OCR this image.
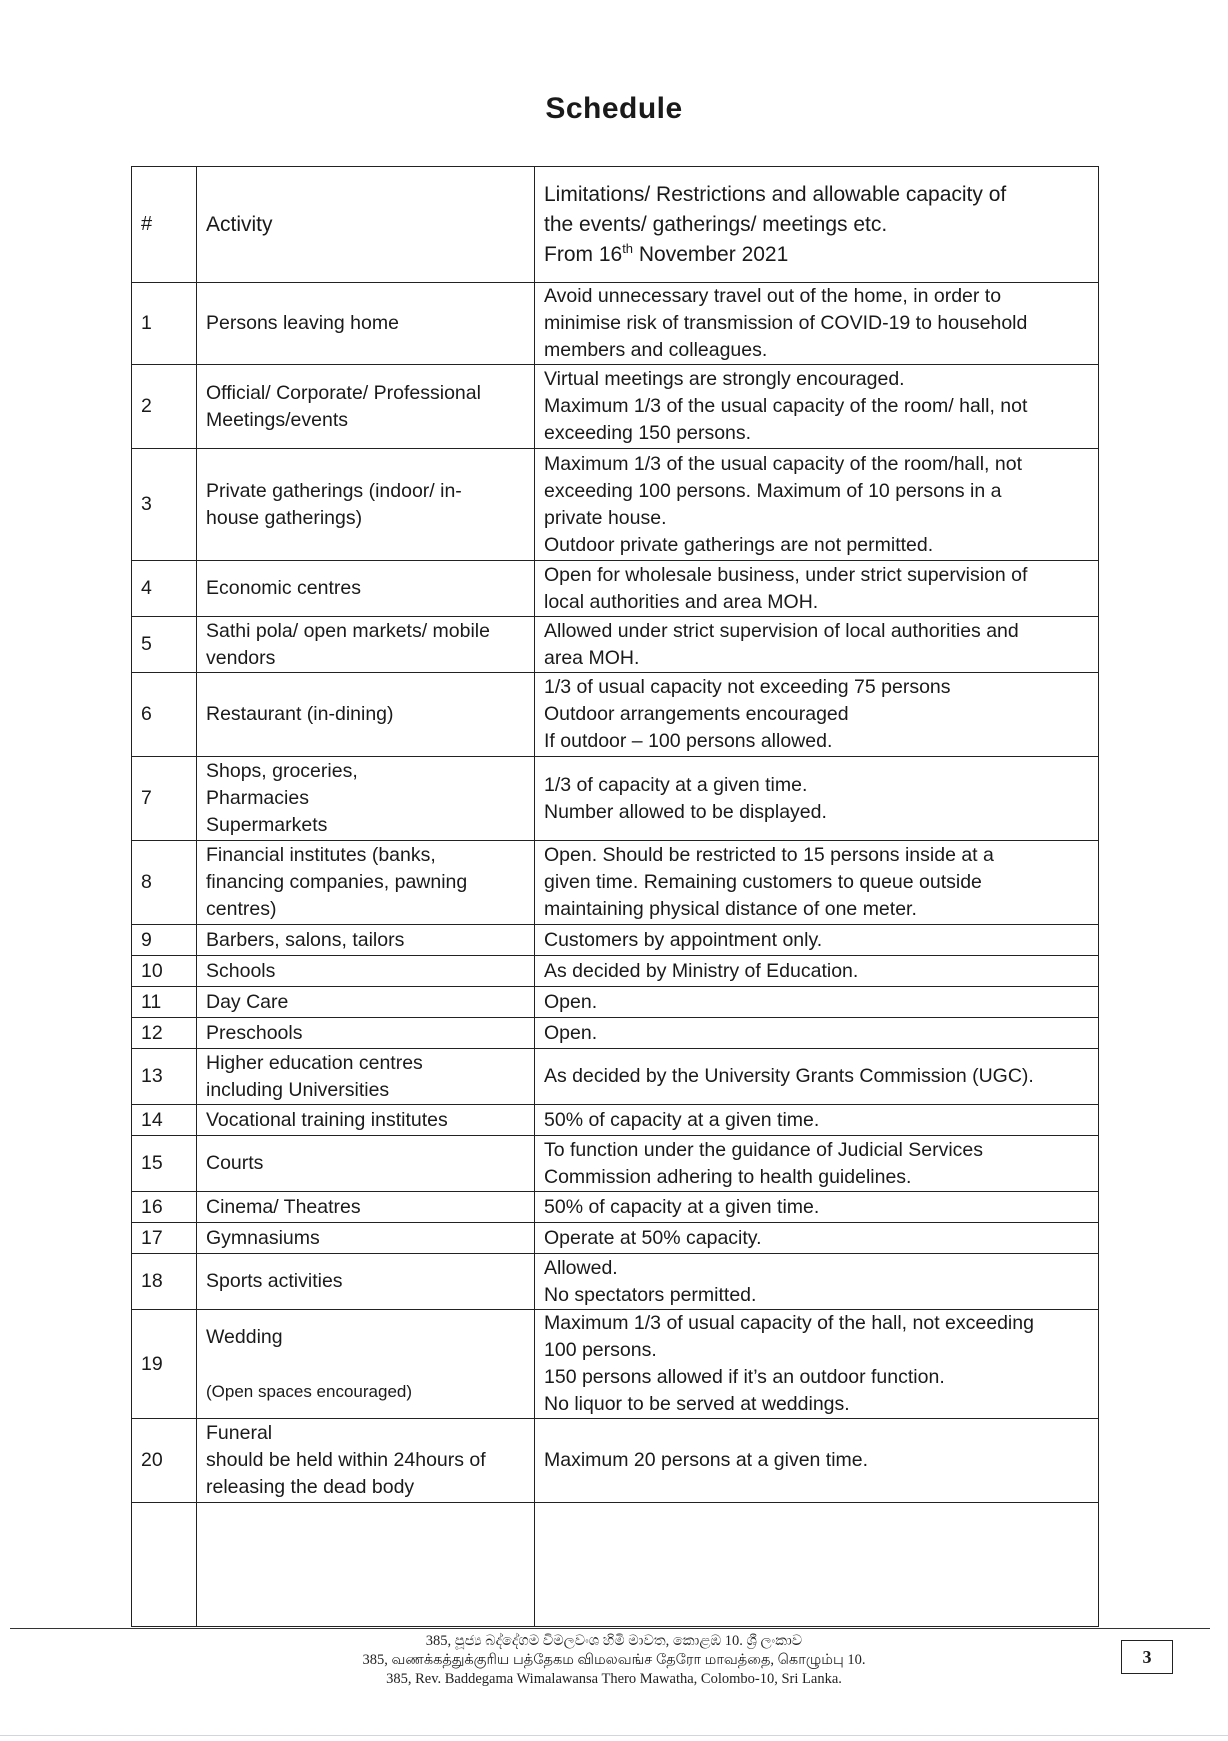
Schedule
#	Activity	Limitations/ Restrictions and allowable capacity of
the events/ gatherings/ meetings etc.
From 16th November 2021

1	Persons leaving home	Avoid unnecessary travel out of the home, in order to
minimise risk of transmission of COVID-19 to household
members and colleagues.

2	Official/ Corporate/ Professional
Meetings/events	Virtual meetings are strongly encouraged.
Maximum 1/3 of the usual capacity of the room/ hall, not
exceeding 150 persons.

3	Private gatherings (indoor/ in-
house gatherings)	Maximum 1/3 of the usual capacity of the room/hall, not
exceeding 100 persons. Maximum of 10 persons in a
private house.
Outdoor private gatherings are not permitted.

4	Economic centres	Open for wholesale business, under strict supervision of
local authorities and area MOH.

5	Sathi pola/ open markets/ mobile
vendors	Allowed under strict supervision of local authorities and
area MOH.

6	Restaurant (in-dining)	1/3 of usual capacity not exceeding 75 persons
Outdoor arrangements encouraged
If outdoor – 100 persons allowed.

7	Shops, groceries,
Pharmacies
Supermarkets	1/3 of capacity at a given time.
Number allowed to be displayed.

8	Financial institutes (banks,
financing companies, pawning
centres)	Open. Should be restricted to 15 persons inside at a
given time. Remaining customers to queue outside
maintaining physical distance of one meter.

9	Barbers, salons, tailors	Customers by appointment only.

10	Schools	As decided by Ministry of Education.

11	Day Care	Open.

12	Preschools	Open.

13	Higher education centres
including Universities	As decided by the University Grants Commission (UGC).

14	Vocational training institutes	50% of capacity at a given time.

15	Courts	To function under the guidance of Judicial Services
Commission adhering to health guidelines.

16	Cinema/ Theatres	50% of capacity at a given time.

17	Gymnasiums	Operate at 50% capacity.

18	Sports activities	Allowed.
No spectators permitted.

19	Wedding
(Open spaces encouraged)	Maximum 1/3 of usual capacity of the hall, not exceeding
100 persons.
150 persons allowed if it’s an outdoor function.
No liquor to be served at weddings.

20	Funeral
should be held within 24hours of
releasing the dead body	Maximum 20 persons at a given time.

385, පූජ්‍ය බද්දේගම විමලවංශ හිමි මාවත, කොළඹ 10. ශ්‍රී ලංකාව
385, வணக்கத்துக்குரிய பத்தேகம விமலவங்ச தேரோ மாவத்தை, கொழும்பு 10.
385, Rev. Baddegama Wimalawansa Thero Mawatha, Colombo-10, Sri Lanka.
3
